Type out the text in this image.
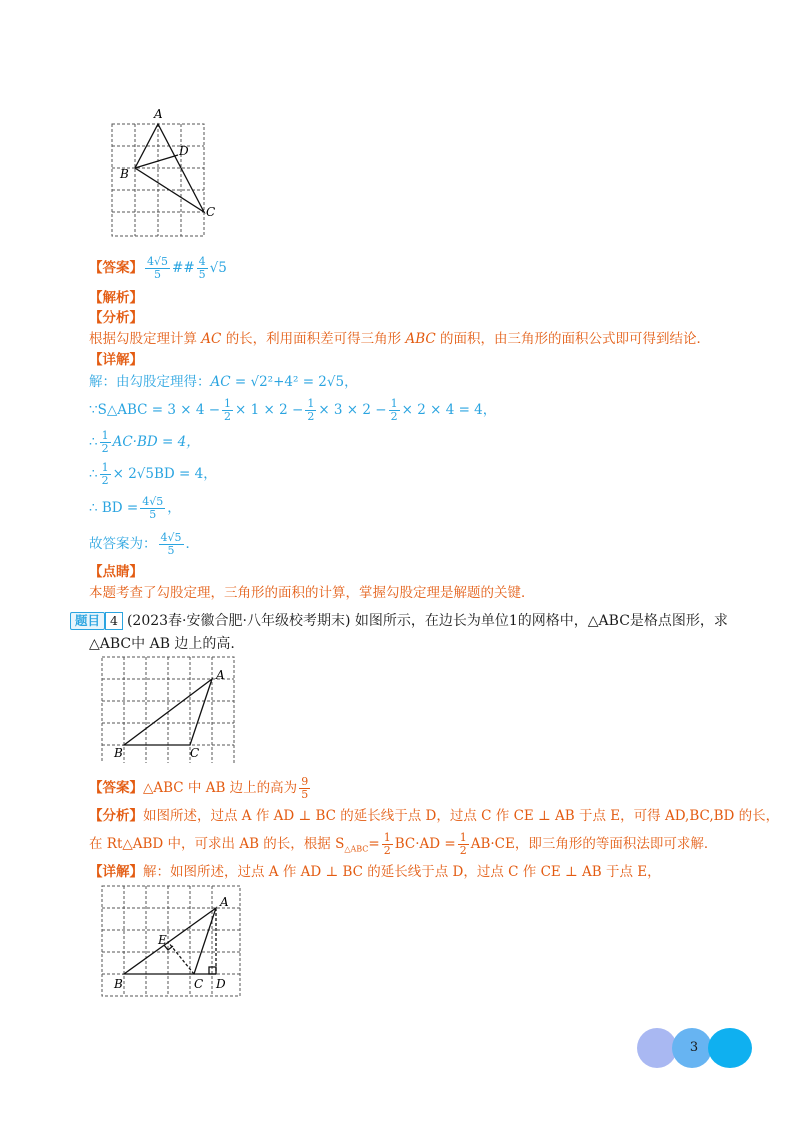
A
B
C
D
【答案】 $\frac{4√5}{5}$ ## $\frac{4}{5} √5$
【解析】
【分析】
根据勾股定理计算 AC 的长，利用面积差可得三角形 ABC 的面积，由三角形的面积公式即可得到结论．
【详解】
解：由勾股定理得：AC = √2²+4² = 2√5，
∵S△ABC = $3 \times 4 - \frac{1}{2} \times 1 \times 2 - \frac{1}{2} \times 3 \times 2 - \frac{1}{2} \times 2 \times 4 = 4$，
∴ $\frac{1}{2} AC\cdot BD = 4$，
∴ $\frac{1}{2} \times 2√5BD = 4$，
∴ BD = $\frac{4√5}{5}$ ，
故答案为： $\frac{4√5}{5}$ ．
【点睛】
本题考查了勾股定理，三角形的面积的计算，掌握勾股定理是解题的关键．
题目 4 (2023春·安徽合肥·八年级校考期末) 如图所示，在边长为单位1的网格中，△ABC是格点图形，求
△ABC中 AB 边上的高.
A
B	C
【答案】△ABC 中 AB 边上的高为 $\frac{9}{5}$
【分析】如图所述，过点 A 作 AD ⊥ BC 的延长线于点 D，过点 C 作 CE ⊥ AB 于点 E，可得 AD,BC,BD 的长，
在 Rt△ABD 中，可求出 AB 的长，根据 $S_{\triangle ABC}= \frac{1}{2} BC\cdot AD = \frac{1}{2} AB\cdot CE$，即三角形的等面积法即可求解．
【详解】解：如图所述，过点 A 作 AD ⊥ BC 的延长线于点 D，过点 C 作 CE ⊥ AB 于点 E，
A
B	C D
E
3
